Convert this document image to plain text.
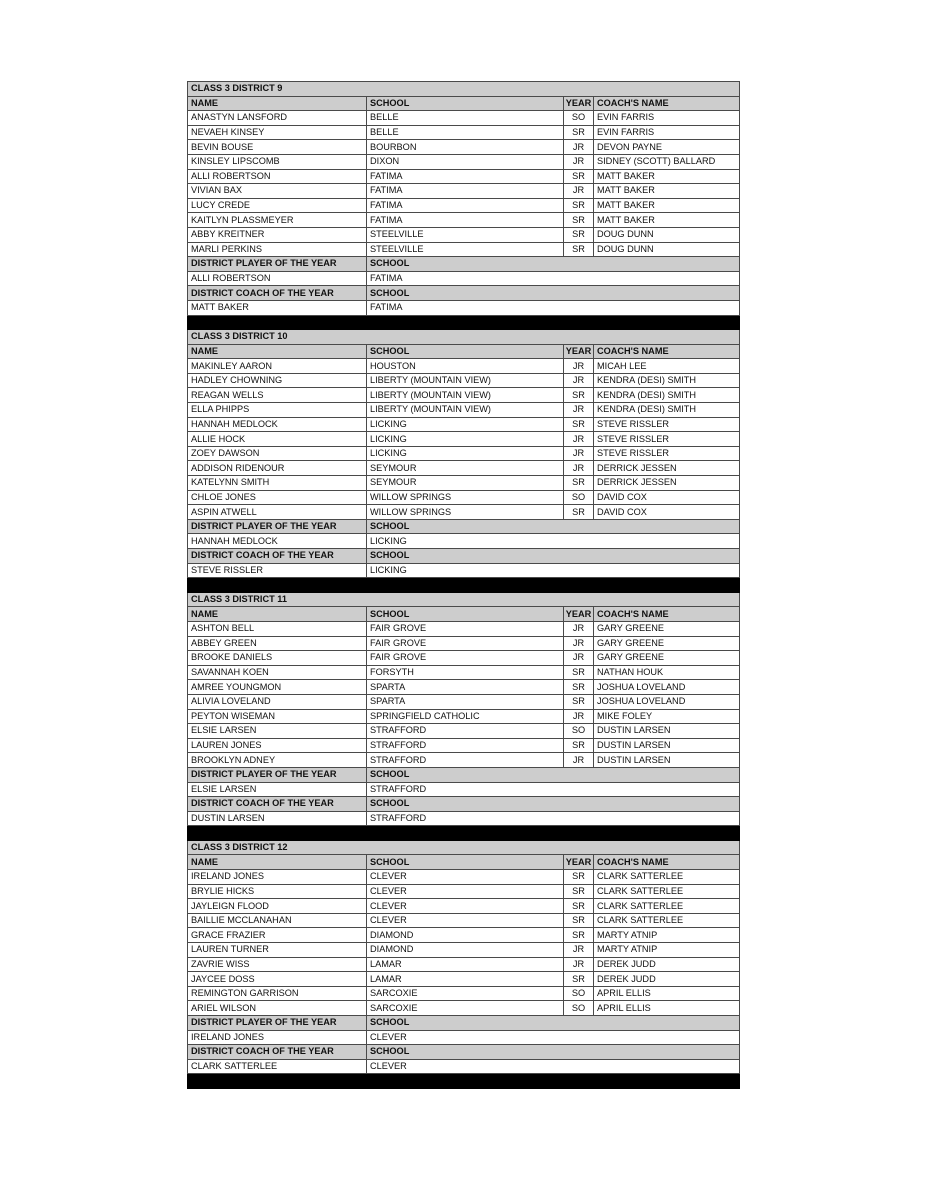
CLASS 3 DISTRICT 9			
NAME	SCHOOL	YEAR	COACH'S NAME
ANASTYN LANSFORD	BELLE	SO	EVIN FARRIS
NEVAEH KINSEY	BELLE	SR	EVIN FARRIS
BEVIN BOUSE	BOURBON	JR	DEVON PAYNE
KINSLEY LIPSCOMB	DIXON	JR	SIDNEY (SCOTT) BALLARD
ALLI ROBERTSON	FATIMA	SR	MATT BAKER
VIVIAN BAX	FATIMA	JR	MATT BAKER
LUCY CREDE	FATIMA	SR	MATT BAKER
KAITLYN PLASSMEYER	FATIMA	SR	MATT BAKER
ABBY KREITNER	STEELVILLE	SR	DOUG DUNN
MARLI PERKINS	STEELVILLE	SR	DOUG DUNN
DISTRICT PLAYER OF THE YEAR	SCHOOL		
ALLI ROBERTSON	FATIMA		
DISTRICT COACH OF THE YEAR	SCHOOL		
MATT BAKER	FATIMA		

CLASS 3 DISTRICT 10			
NAME	SCHOOL	YEAR	COACH'S NAME
MAKINLEY AARON	HOUSTON	JR	MICAH LEE
HADLEY CHOWNING	LIBERTY (MOUNTAIN VIEW)	JR	KENDRA (DESI) SMITH
REAGAN WELLS	LIBERTY (MOUNTAIN VIEW)	SR	KENDRA (DESI) SMITH
ELLA PHIPPS	LIBERTY (MOUNTAIN VIEW)	JR	KENDRA (DESI) SMITH
HANNAH MEDLOCK	LICKING	SR	STEVE RISSLER
ALLIE HOCK	LICKING	JR	STEVE RISSLER
ZOEY DAWSON	LICKING	JR	STEVE RISSLER
ADDISON RIDENOUR	SEYMOUR	JR	DERRICK JESSEN
KATELYNN SMITH	SEYMOUR	SR	DERRICK JESSEN
CHLOE JONES	WILLOW SPRINGS	SO	DAVID COX
ASPIN ATWELL	WILLOW SPRINGS	SR	DAVID COX
DISTRICT PLAYER OF THE YEAR	SCHOOL		
HANNAH MEDLOCK	LICKING		
DISTRICT COACH OF THE YEAR	SCHOOL		
STEVE RISSLER	LICKING		

CLASS 3 DISTRICT 11			
NAME	SCHOOL	YEAR	COACH'S NAME
ASHTON BELL	FAIR GROVE	JR	GARY GREENE
ABBEY GREEN	FAIR GROVE	JR	GARY GREENE
BROOKE DANIELS	FAIR GROVE	JR	GARY GREENE
SAVANNAH KOEN	FORSYTH	SR	NATHAN HOUK
AMREE YOUNGMON	SPARTA	SR	JOSHUA LOVELAND
ALIVIA LOVELAND	SPARTA	SR	JOSHUA LOVELAND
PEYTON WISEMAN	SPRINGFIELD CATHOLIC	JR	MIKE FOLEY
ELSIE LARSEN	STRAFFORD	SO	DUSTIN LARSEN
LAUREN JONES	STRAFFORD	SR	DUSTIN LARSEN
BROOKLYN ADNEY	STRAFFORD	JR	DUSTIN LARSEN
DISTRICT PLAYER OF THE YEAR	SCHOOL		
ELSIE LARSEN	STRAFFORD		
DISTRICT COACH OF THE YEAR	SCHOOL		
DUSTIN LARSEN	STRAFFORD		

CLASS 3 DISTRICT 12			
NAME	SCHOOL	YEAR	COACH'S NAME
IRELAND JONES	CLEVER	SR	CLARK SATTERLEE
BRYLIE HICKS	CLEVER	SR	CLARK SATTERLEE
JAYLEIGN FLOOD	CLEVER	SR	CLARK SATTERLEE
BAILLIE MCCLANAHAN	CLEVER	SR	CLARK SATTERLEE
GRACE FRAZIER	DIAMOND	SR	MARTY ATNIP
LAUREN TURNER	DIAMOND	JR	MARTY ATNIP
ZAVRIE WISS	LAMAR	JR	DEREK JUDD
JAYCEE DOSS	LAMAR	SR	DEREK JUDD
REMINGTON GARRISON	SARCOXIE	SO	APRIL ELLIS
ARIEL WILSON	SARCOXIE	SO	APRIL ELLIS
DISTRICT PLAYER OF THE YEAR	SCHOOL		
IRELAND JONES	CLEVER		
DISTRICT COACH OF THE YEAR	SCHOOL		
CLARK SATTERLEE	CLEVER		
